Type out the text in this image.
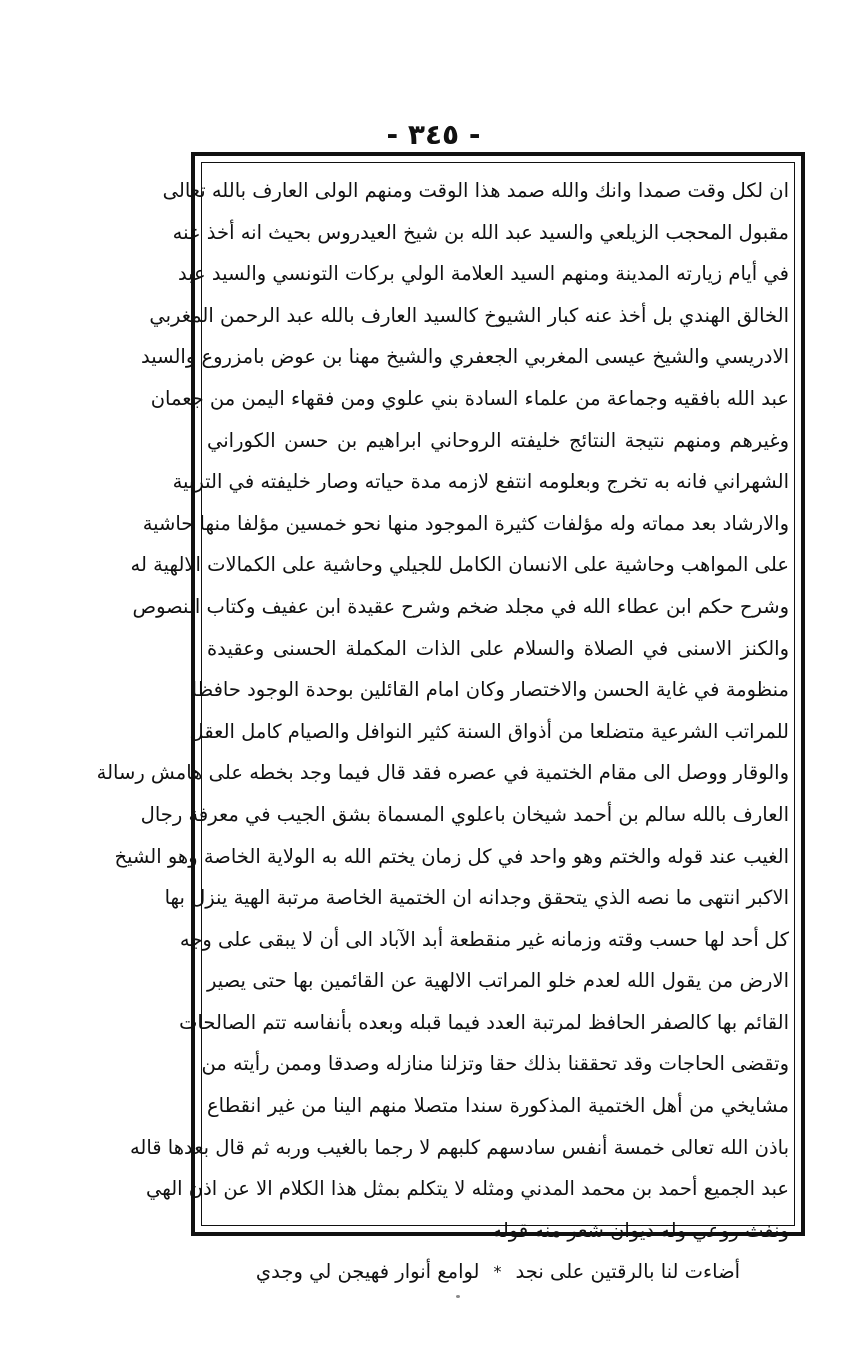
- ٣٤٥ -
ان لكل وقت صمدا وانك والله صمد هذا الوقت ومنهم الولى العارف بالله تعالى
مقبول المحجب الزيلعي والسيد عبد الله بن شيخ العيدروس بحيث انه أخذ عنه
في أيام زيارته المدينة ومنهم السيد العلامة الولي بركات التونسي والسيد عبد
الخالق الهندي بل أخذ عنه كبار الشيوخ كالسيد العارف بالله عبد الرحمن المغربي
الادريسي والشيخ عيسى المغربي الجعفري والشيخ مهنا بن عوض بامزروع والسيد
عبد الله بافقيه وجماعة من علماء السادة بني علوي ومن فقهاء اليمن من جعمان
وغيرهم ومنهم نتيجة النتائج خليفته الروحاني ابراهيم بن حسن الكوراني
الشهراني فانه به تخرج وبعلومه انتفع لازمه مدة حياته وصار خليفته في التربية
والارشاد بعد مماته وله مؤلفات كثيرة الموجود منها نحو خمسين مؤلفا منها حاشية
على المواهب وحاشية على الانسان الكامل للجيلي وحاشية على الكمالات الالهية له
وشرح حكم ابن عطاء الله في مجلد ضخم وشرح عقيدة ابن عفيف وكتاب النصوص
والكنز الاسنى في الصلاة والسلام على الذات المكملة الحسنى وعقيدة
منظومة في غاية الحسن والاختصار وكان امام القائلين بوحدة الوجود حافظا
للمراتب الشرعية متضلعا من أذواق السنة كثير النوافل والصيام كامل العقل
والوقار ووصل الى مقام الختمية في عصره فقد قال فيما وجد بخطه على هامش رسالة
العارف بالله سالم بن أحمد شيخان باعلوي المسماة بشق الجيب في معرفة رجال
الغيب عند قوله والختم وهو واحد في كل زمان يختم الله به الولاية الخاصة وهو الشيخ
الاكبر انتهى ما نصه الذي يتحقق وجدانه ان الختمية الخاصة مرتبة الهية ينزل بها
كل أحد لها حسب وقته وزمانه غير منقطعة أبد الآباد الى أن لا يبقى على وجه
الارض من يقول الله لعدم خلو المراتب الالهية عن القائمين بها حتى يصير
القائم بها كالصفر الحافظ لمرتبة العدد فيما قبله وبعده بأنفاسه تتم الصالحات
وتقضى الحاجات وقد تحققنا بذلك حقا وتزلنا منازله وصدقا وممن رأيته من
مشايخي من أهل الختمية المذكورة سندا متصلا منهم الينا من غير انقطاع
باذن الله تعالى خمسة أنفس سادسهم كلبهم لا رجما بالغيب وربه ثم قال بعدها قاله
عبد الجميع أحمد بن محمد المدني ومثله لا يتكلم بمثل هذا الكلام الا عن اذن الهي
ونفث روعي وله ديوان شعر منه قوله
أضاءت لنا بالرقتين على نجد
*
لوامع أنوار فهيجن لي وجدي
